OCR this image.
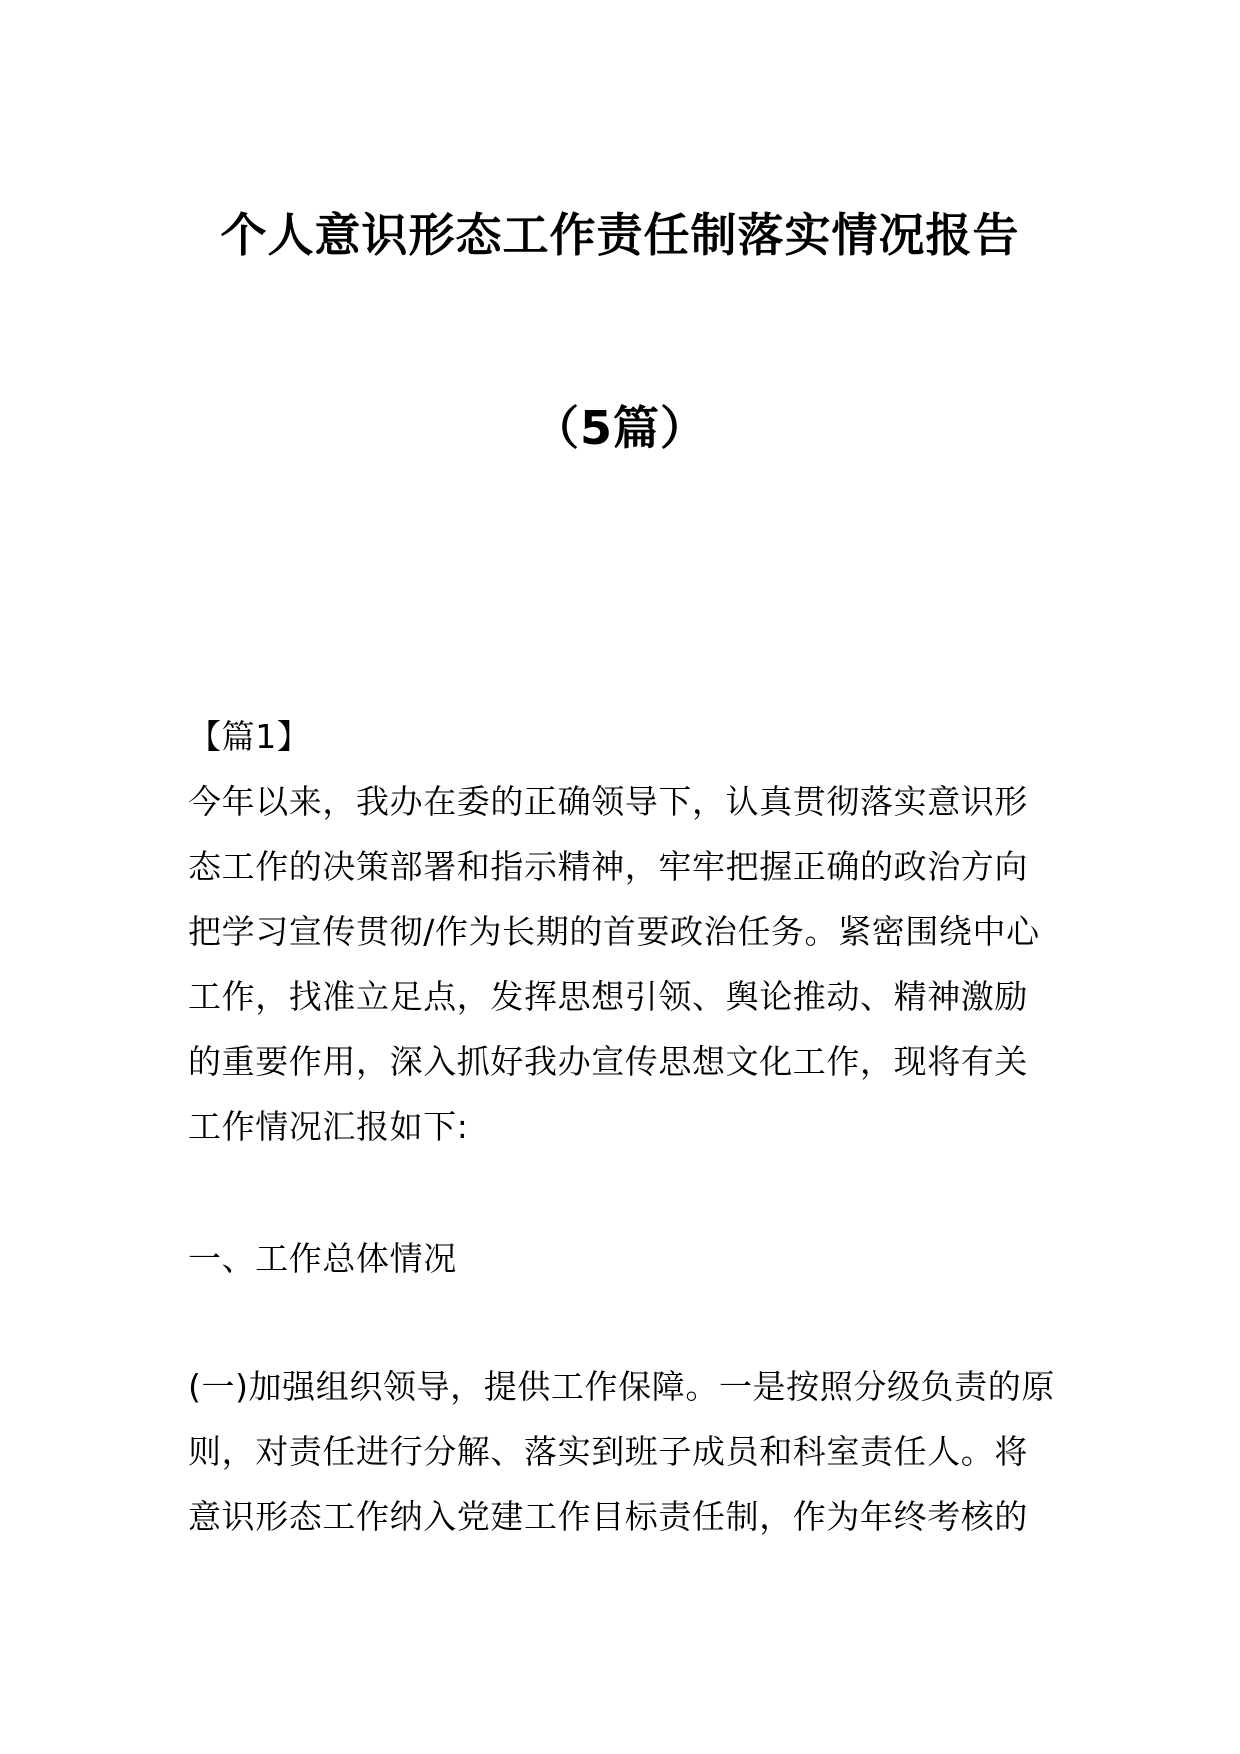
个人意识形态工作责任制落实情况报告
（5篇）
【篇1】
今年以来，我办在委的正确领导下，认真贯彻落实意识形
态工作的决策部署和指示精神，牢牢把握正确的政治方向
把学习宣传贯彻/作为长期的首要政治任务。紧密围绕中心
工作，找准立足点，发挥思想引领、舆论推动、精神激励
的重要作用，深入抓好我办宣传思想文化工作，现将有关
工作情况汇报如下:
一、工作总体情况
(一)加强组织领导，提供工作保障。一是按照分级负责的原
则，对责任进行分解、落实到班子成员和科室责任人。将
意识形态工作纳入党建工作目标责任制，作为年终考核的
